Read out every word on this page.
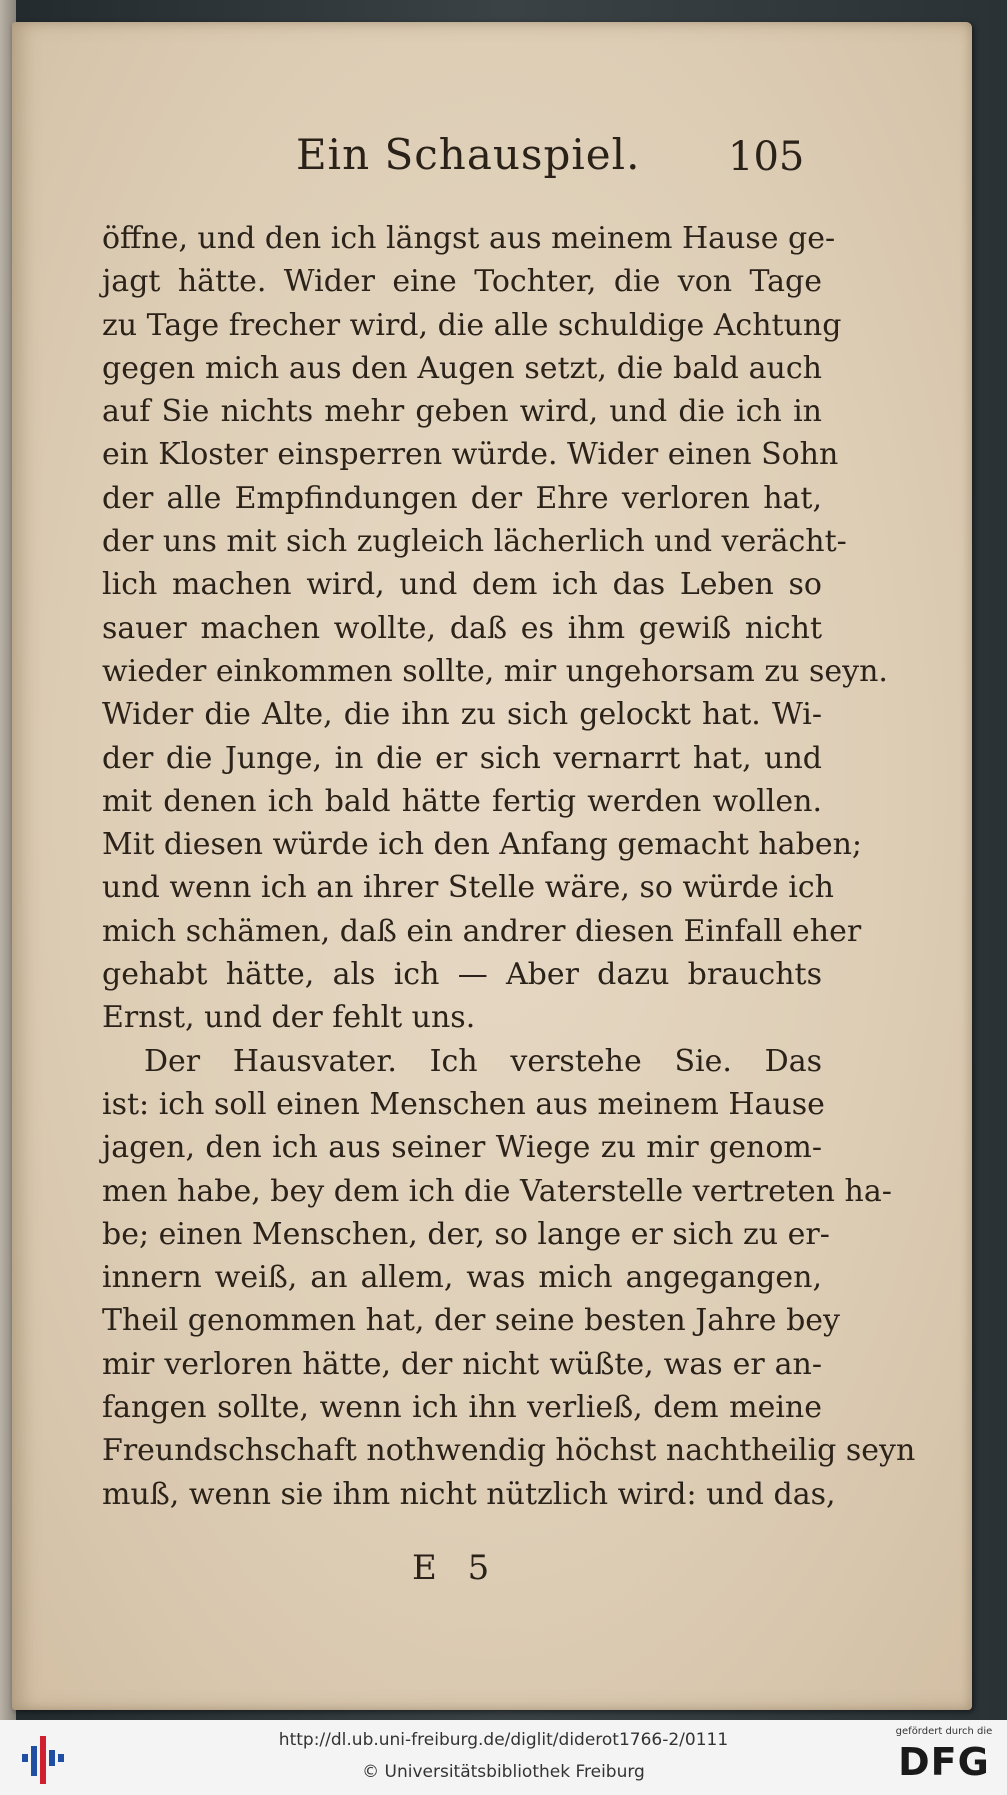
Ein Schauspiel. 105
öffne, und den ich längst aus meinem Hause ge-
jagt hätte. Wider eine Tochter, die von Tage
zu Tage frecher wird, die alle schuldige Achtung
gegen mich aus den Augen setzt, die bald auch
auf Sie nichts mehr geben wird, und die ich in
ein Kloster einsperren würde. Wider einen Sohn
der alle Empfindungen der Ehre verloren hat,
der uns mit sich zugleich lächerlich und verächt-
lich machen wird, und dem ich das Leben so
sauer machen wollte, daß es ihm gewiß nicht
wieder einkommen sollte, mir ungehorsam zu seyn.
Wider die Alte, die ihn zu sich gelockt hat. Wi-
der die Junge, in die er sich vernarrt hat, und
mit denen ich bald hätte fertig werden wollen.
Mit diesen würde ich den Anfang gemacht haben;
und wenn ich an ihrer Stelle wäre, so würde ich
mich schämen, daß ein andrer diesen Einfall eher
gehabt hätte, als ich — Aber dazu brauchts
Ernst, und der fehlt uns.
Der Hausvater. Ich verstehe Sie. Das
ist: ich soll einen Menschen aus meinem Hause
jagen, den ich aus seiner Wiege zu mir genom-
men habe, bey dem ich die Vaterstelle vertreten ha-
be; einen Menschen, der, so lange er sich zu er-
innern weiß, an allem, was mich angegangen,
Theil genommen hat, der seine besten Jahre bey
mir verloren hätte, der nicht wüßte, was er an-
fangen sollte, wenn ich ihn verließ, dem meine
Freundschschaft nothwendig höchst nachtheilig seyn
muß, wenn sie ihm nicht nützlich wird: und das,
E 5
http://dl.ub.uni-freiburg.de/diglit/diderot1766-2/0111
© Universitätsbibliothek Freiburg
gefördert durch die
DFG
